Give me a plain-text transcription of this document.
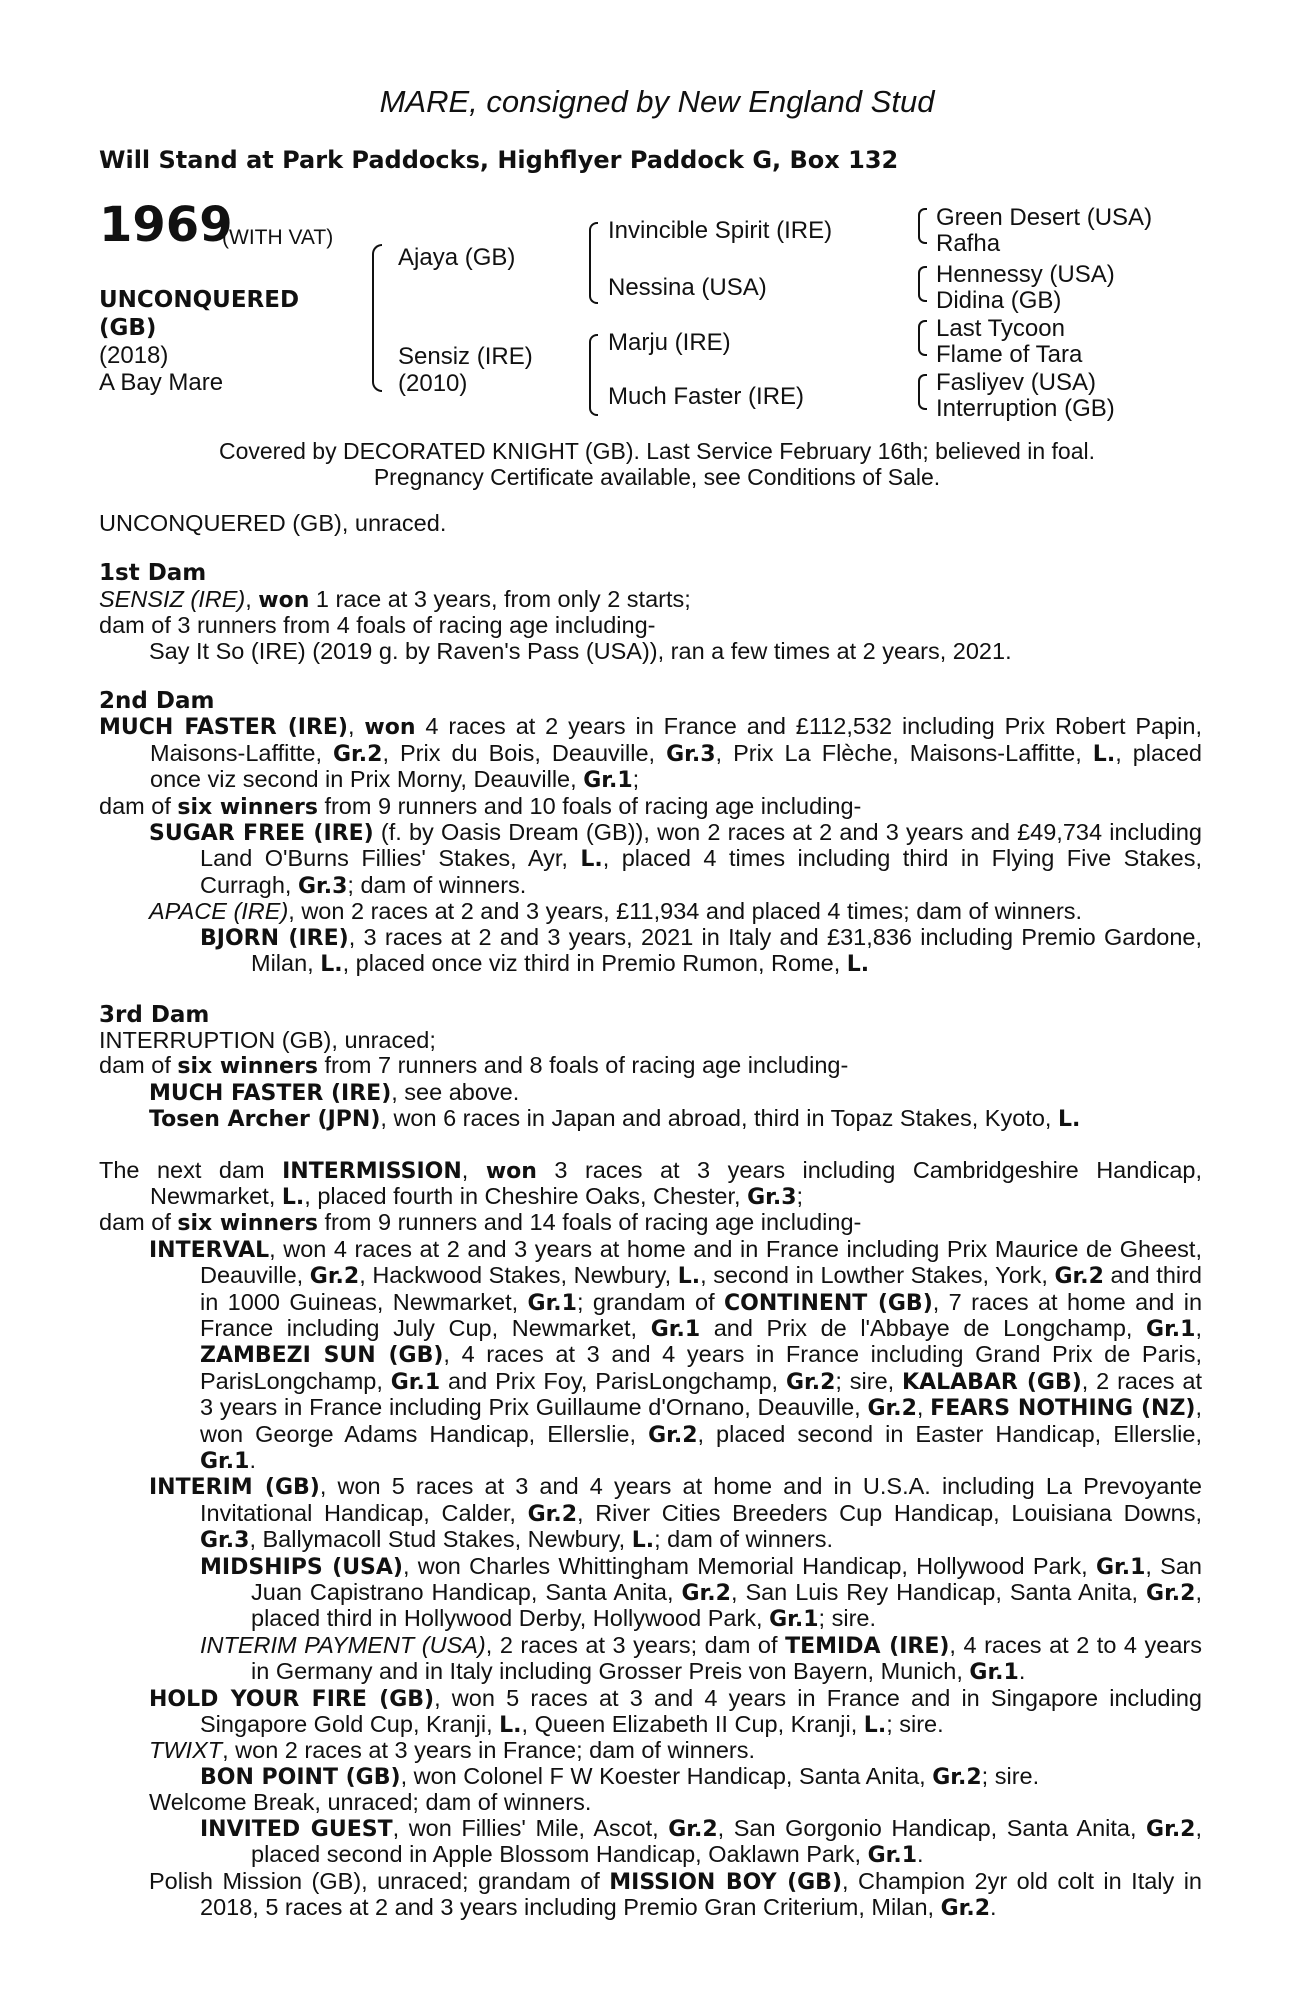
MARE, consigned by New England Stud
Will Stand at Park Paddocks, Highflyer Paddock G, Box 132
1969
(WITH VAT)
UNCONQUERED
(GB)
(2018)
A Bay Mare
Ajaya (GB)
Sensiz (IRE)
(2010)
Invincible Spirit (IRE)
Nessina (USA)
Marju (IRE)
Much Faster (IRE)
Green Desert (USA)
Rafha
Hennessy (USA)
Didina (GB)
Last Tycoon
Flame of Tara
Fasliyev (USA)
Interruption (GB)
Covered by DECORATED KNIGHT (GB). Last Service February 16th; believed in foal.
Pregnancy Certificate available, see Conditions of Sale.

UNCONQUERED (GB), unraced.

1st Dam

SENSIZ (IRE), won 1 race at 3 years, from only 2 starts;

dam of 3 runners from 4 foals of racing age including-

Say It So (IRE) (2019 g. by Raven's Pass (USA)), ran a few times at 2 years, 2021.

2nd Dam

MUCH FASTER (IRE), won 4 races at 2 years in France and £112,532 including Prix Robert Papin, Maisons-Laffitte, Gr.2, Prix du Bois, Deauville, Gr.3, Prix La Flèche, Maisons-Laffitte, L., placed once viz second in Prix Morny, Deauville, Gr.1;

dam of six winners from 9 runners and 10 foals of racing age including-

SUGAR FREE (IRE) (f. by Oasis Dream (GB)), won 2 races at 2 and 3 years and £49,734 including Land O'Burns Fillies' Stakes, Ayr, L., placed 4 times including third in Flying Five Stakes, Curragh, Gr.3; dam of winners.

APACE (IRE), won 2 races at 2 and 3 years, £11,934 and placed 4 times; dam of winners.

BJORN (IRE), 3 races at 2 and 3 years, 2021 in Italy and £31,836 including Premio Gardone, Milan, L., placed once viz third in Premio Rumon, Rome, L.

3rd Dam

INTERRUPTION (GB), unraced;

dam of six winners from 7 runners and 8 foals of racing age including-

MUCH FASTER (IRE), see above.

Tosen Archer (JPN), won 6 races in Japan and abroad, third in Topaz Stakes, Kyoto, L.

The next dam INTERMISSION, won 3 races at 3 years including Cambridgeshire Handicap, Newmarket, L., placed fourth in Cheshire Oaks, Chester, Gr.3;

dam of six winners from 9 runners and 14 foals of racing age including-

INTERVAL, won 4 races at 2 and 3 years at home and in France including Prix Maurice de Gheest, Deauville, Gr.2, Hackwood Stakes, Newbury, L., second in Lowther Stakes, York, Gr.2 and third in 1000 Guineas, Newmarket, Gr.1; grandam of CONTINENT (GB), 7 races at home and in France including July Cup, Newmarket, Gr.1 and Prix de l'Abbaye de Longchamp, Gr.1, ZAMBEZI SUN (GB), 4 races at 3 and 4 years in France including Grand Prix de Paris, ParisLongchamp, Gr.1 and Prix Foy, ParisLongchamp, Gr.2; sire, KALABAR (GB), 2 races at 3 years in France including Prix Guillaume d'Ornano, Deauville, Gr.2, FEARS NOTHING (NZ), won George Adams Handicap, Ellerslie, Gr.2, placed second in Easter Handicap, Ellerslie, Gr.1.

INTERIM (GB), won 5 races at 3 and 4 years at home and in U.S.A. including La Prevoyante Invitational Handicap, Calder, Gr.2, River Cities Breeders Cup Handicap, Louisiana Downs, Gr.3, Ballymacoll Stud Stakes, Newbury, L.; dam of winners.

MIDSHIPS (USA), won Charles Whittingham Memorial Handicap, Hollywood Park, Gr.1, San Juan Capistrano Handicap, Santa Anita, Gr.2, San Luis Rey Handicap, Santa Anita, Gr.2, placed third in Hollywood Derby, Hollywood Park, Gr.1; sire.

INTERIM PAYMENT (USA), 2 races at 3 years; dam of TEMIDA (IRE), 4 races at 2 to 4 years in Germany and in Italy including Grosser Preis von Bayern, Munich, Gr.1.

HOLD YOUR FIRE (GB), won 5 races at 3 and 4 years in France and in Singapore including Singapore Gold Cup, Kranji, L., Queen Elizabeth II Cup, Kranji, L.; sire.

TWIXT, won 2 races at 3 years in France; dam of winners.

BON POINT (GB), won Colonel F W Koester Handicap, Santa Anita, Gr.2; sire.

Welcome Break, unraced; dam of winners.

INVITED GUEST, won Fillies' Mile, Ascot, Gr.2, San Gorgonio Handicap, Santa Anita, Gr.2, placed second in Apple Blossom Handicap, Oaklawn Park, Gr.1.

Polish Mission (GB), unraced; grandam of MISSION BOY (GB), Champion 2yr old colt in Italy in 2018, 5 races at 2 and 3 years including Premio Gran Criterium, Milan, Gr.2.
